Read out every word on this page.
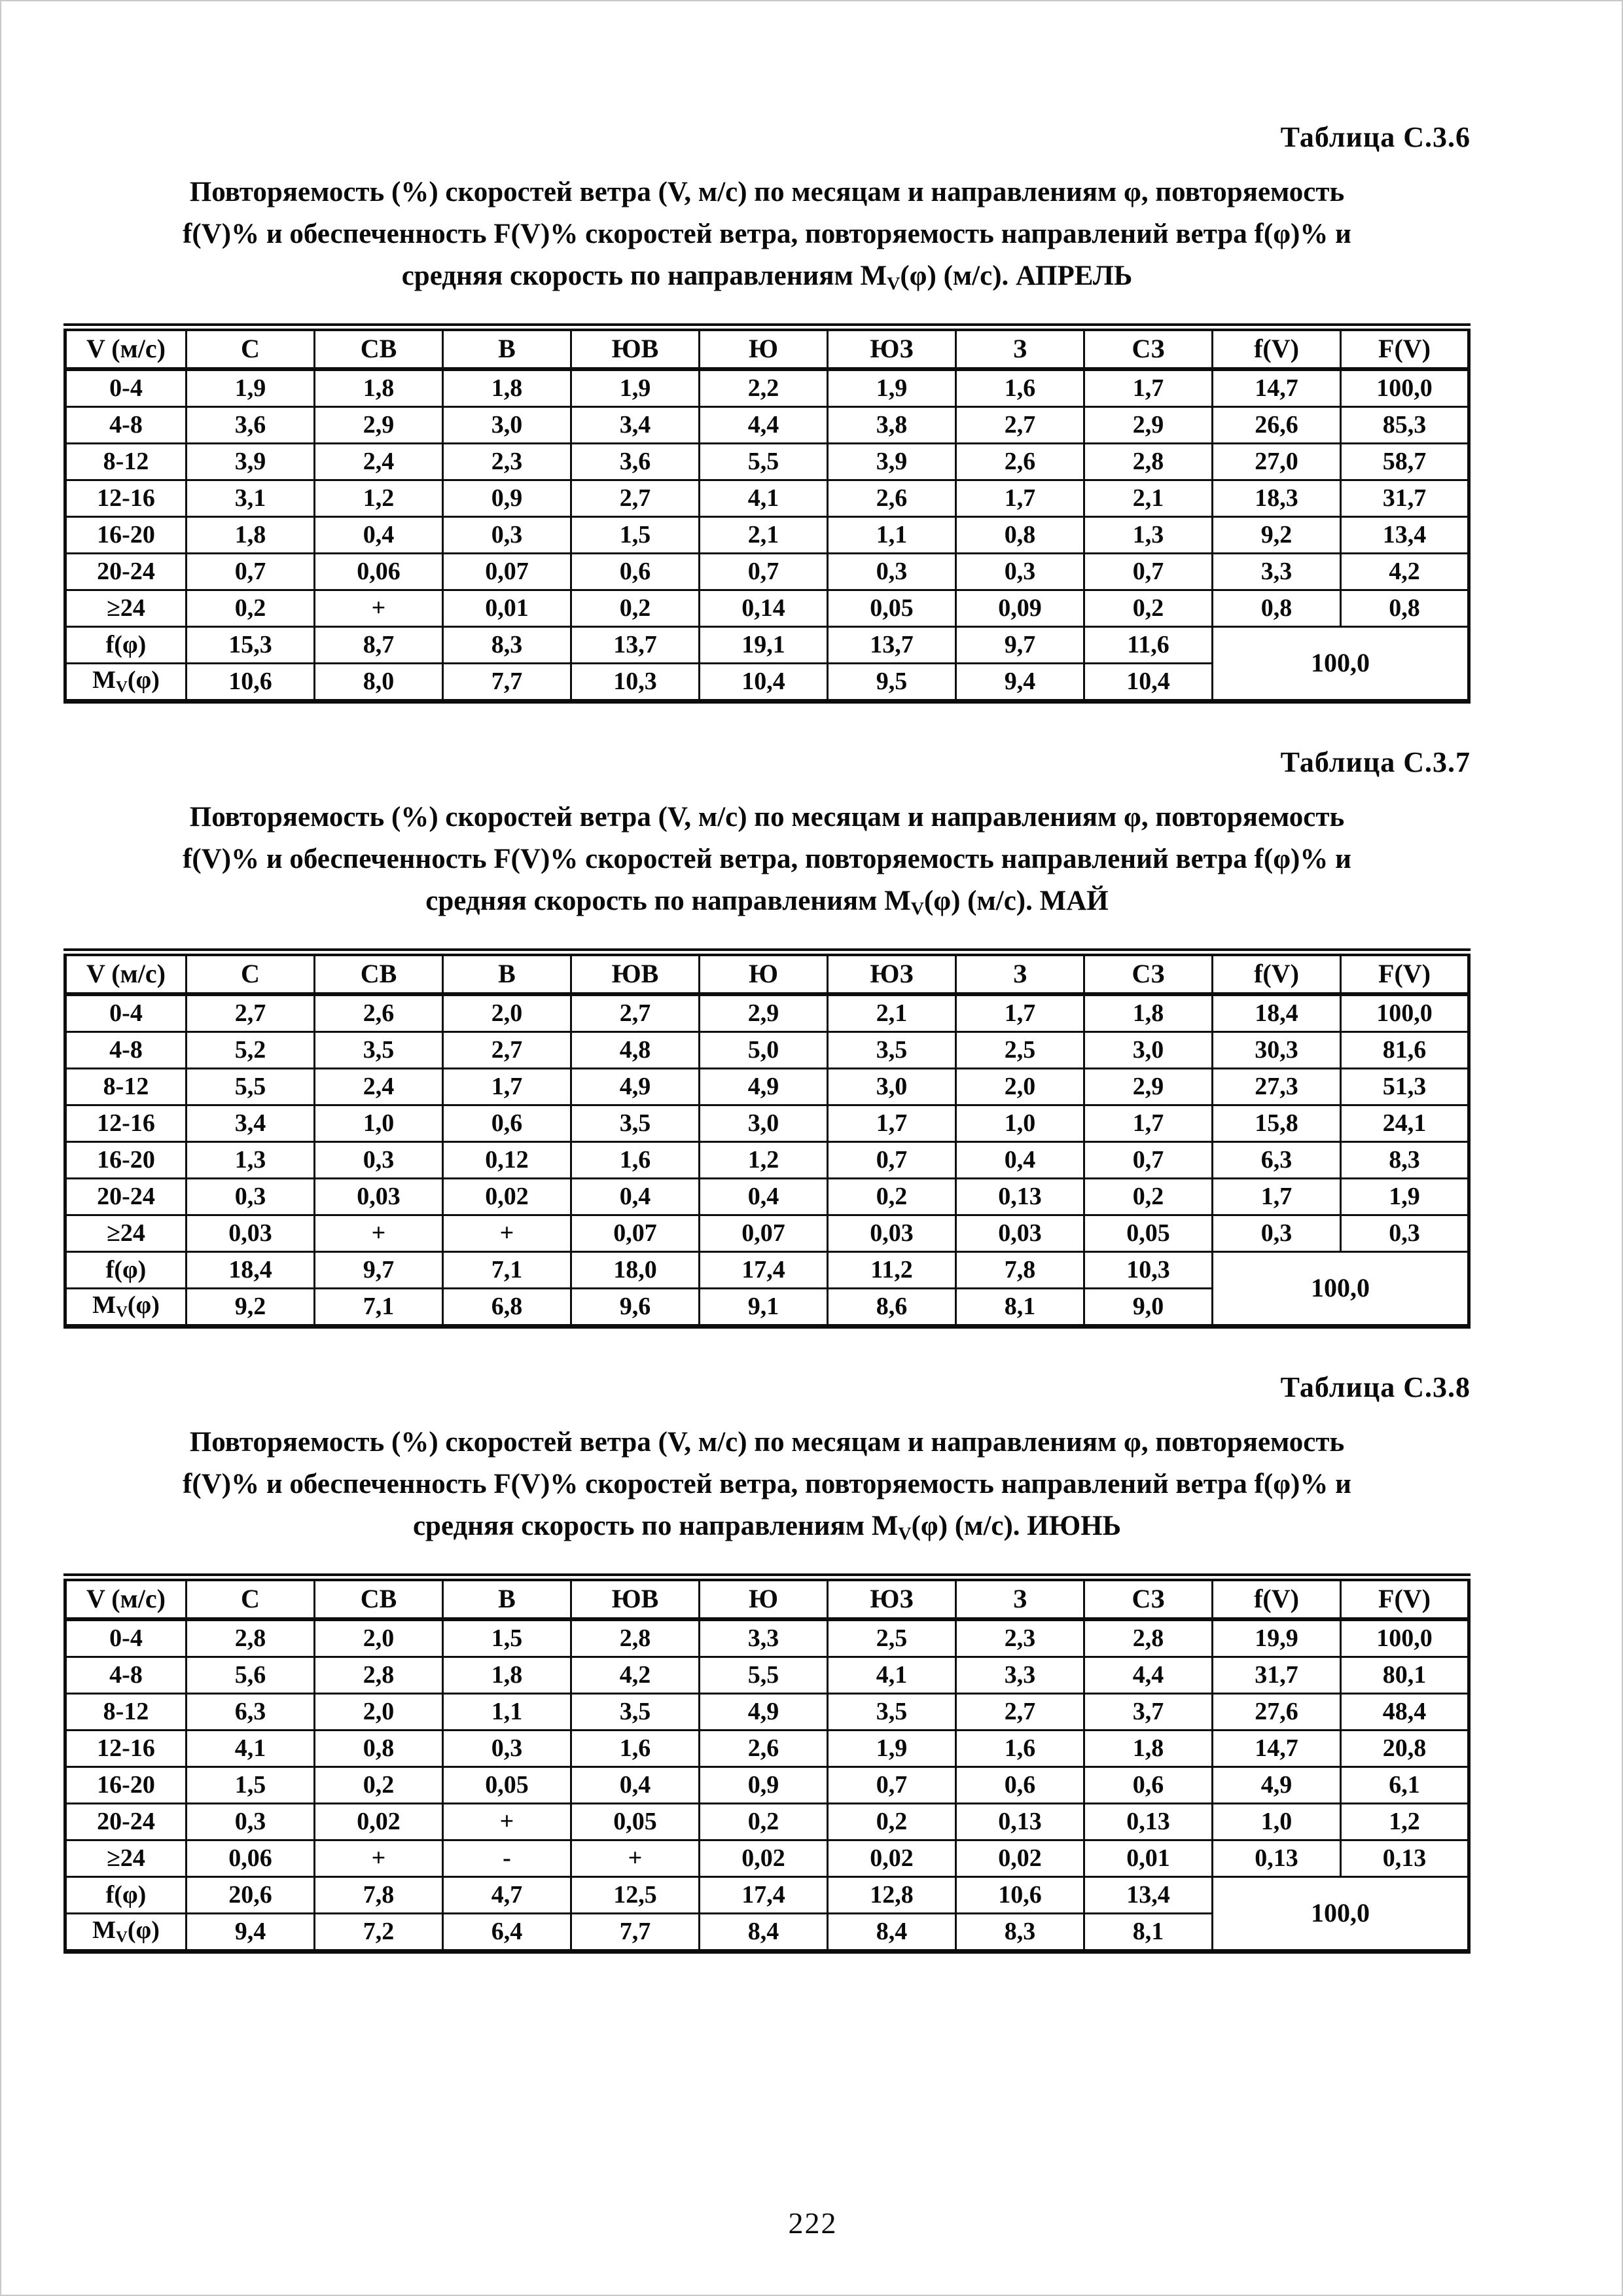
Таблица С.3.6
Повторяемость (%) скоростей ветра (V, м/с) по месяцам и направлениям φ, повторяемость
f(V)% и обеспеченность F(V)% скоростей ветра, повторяемость направлений ветра f(φ)% и
средняя скорость по направлениям $М_V(\varphi)$ (м/с). АПРЕЛЬ
V (м/с)	С	СВ	В	ЮВ	Ю	ЮЗ	З	СЗ	f(V)	F(V)
0-4	1,9	1,8	1,8	1,9	2,2	1,9	1,6	1,7	14,7	100,0
4-8	3,6	2,9	3,0	3,4	4,4	3,8	2,7	2,9	26,6	85,3
8-12	3,9	2,4	2,3	3,6	5,5	3,9	2,6	2,8	27,0	58,7
12-16	3,1	1,2	0,9	2,7	4,1	2,6	1,7	2,1	18,3	31,7
16-20	1,8	0,4	0,3	1,5	2,1	1,1	0,8	1,3	9,2	13,4
20-24	0,7	0,06	0,07	0,6	0,7	0,3	0,3	0,7	3,3	4,2
≥24	0,2	+	0,01	0,2	0,14	0,05	0,09	0,2	0,8	0,8
f(φ)	15,3	8,7	8,3	13,7	19,1	13,7	9,7	11,6	100,0	
$М_V(\varphi)$	10,6	8,0	7,7	10,3	10,4	9,5	9,4	10,4		
Таблица С.3.7
Повторяемость (%) скоростей ветра (V, м/с) по месяцам и направлениям φ, повторяемость
f(V)% и обеспеченность F(V)% скоростей ветра, повторяемость направлений ветра f(φ)% и
средняя скорость по направлениям $М_V(\varphi)$ (м/с). МАЙ
V (м/с)	С	СВ	В	ЮВ	Ю	ЮЗ	З	СЗ	f(V)	F(V)
0-4	2,7	2,6	2,0	2,7	2,9	2,1	1,7	1,8	18,4	100,0
4-8	5,2	3,5	2,7	4,8	5,0	3,5	2,5	3,0	30,3	81,6
8-12	5,5	2,4	1,7	4,9	4,9	3,0	2,0	2,9	27,3	51,3
12-16	3,4	1,0	0,6	3,5	3,0	1,7	1,0	1,7	15,8	24,1
16-20	1,3	0,3	0,12	1,6	1,2	0,7	0,4	0,7	6,3	8,3
20-24	0,3	0,03	0,02	0,4	0,4	0,2	0,13	0,2	1,7	1,9
≥24	0,03	+	+	0,07	0,07	0,03	0,03	0,05	0,3	0,3
f(φ)	18,4	9,7	7,1	18,0	17,4	11,2	7,8	10,3	100,0	
$М_V(\varphi)$	9,2	7,1	6,8	9,6	9,1	8,6	8,1	9,0		
Таблица С.3.8
Повторяемость (%) скоростей ветра (V, м/с) по месяцам и направлениям φ, повторяемость
f(V)% и обеспеченность F(V)% скоростей ветра, повторяемость направлений ветра f(φ)% и
средняя скорость по направлениям $М_V(\varphi)$ (м/с). ИЮНЬ
V (м/с)	С	СВ	В	ЮВ	Ю	ЮЗ	З	СЗ	f(V)	F(V)
0-4	2,8	2,0	1,5	2,8	3,3	2,5	2,3	2,8	19,9	100,0
4-8	5,6	2,8	1,8	4,2	5,5	4,1	3,3	4,4	31,7	80,1
8-12	6,3	2,0	1,1	3,5	4,9	3,5	2,7	3,7	27,6	48,4
12-16	4,1	0,8	0,3	1,6	2,6	1,9	1,6	1,8	14,7	20,8
16-20	1,5	0,2	0,05	0,4	0,9	0,7	0,6	0,6	4,9	6,1
20-24	0,3	0,02	+	0,05	0,2	0,2	0,13	0,13	1,0	1,2
≥24	0,06	+	-	+	0,02	0,02	0,02	0,01	0,13	0,13
f(φ)	20,6	7,8	4,7	12,5	17,4	12,8	10,6	13,4	100,0	
$М_V(\varphi)$	9,4	7,2	6,4	7,7	8,4	8,4	8,3	8,1		
222
